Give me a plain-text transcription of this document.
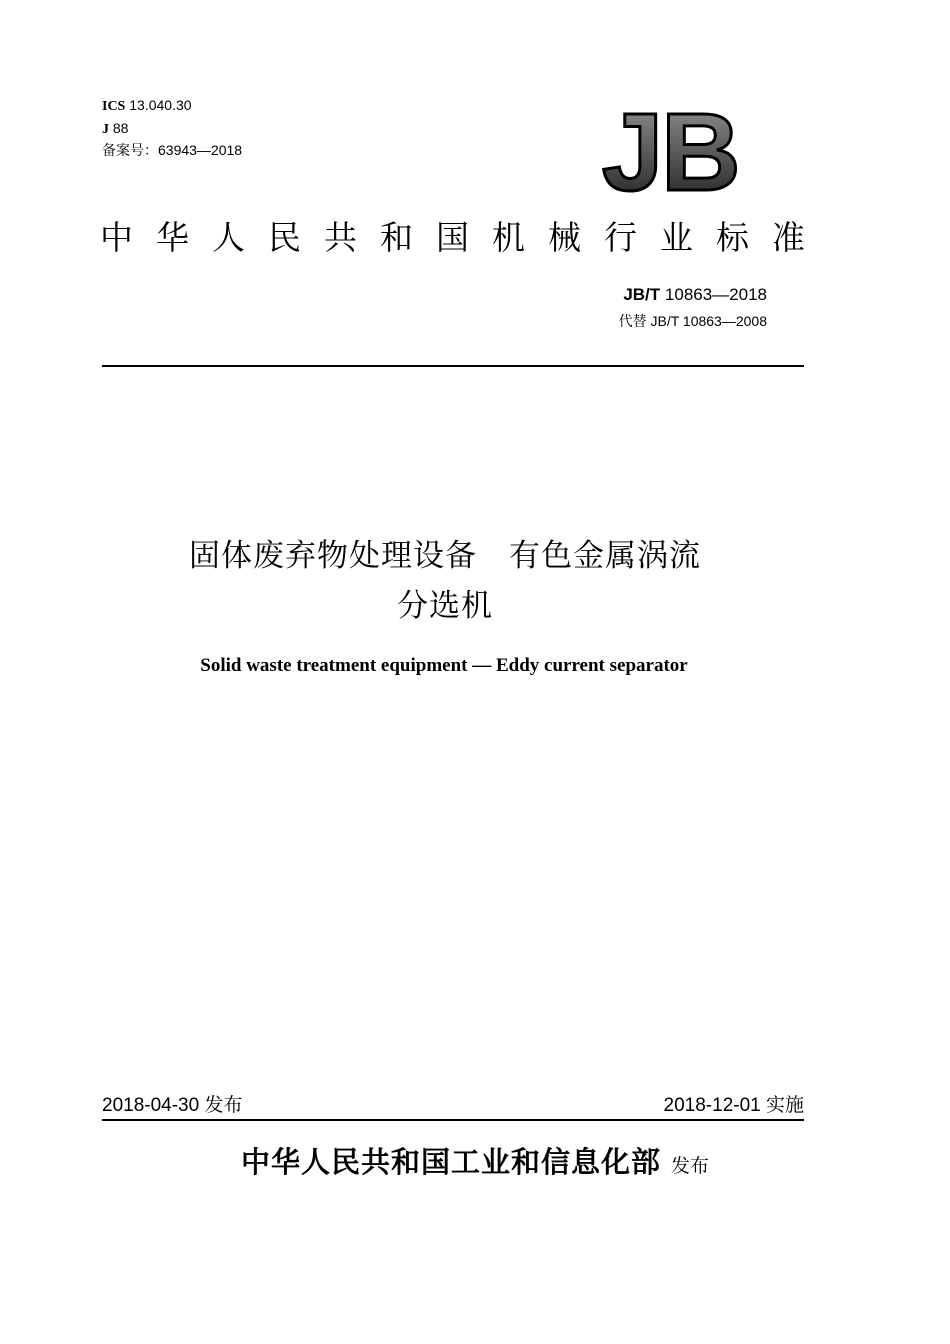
ICS 13.040.30
J 88
备案号：63943—2018	JB
中华人民共和国机械行业标准
JB/T 10863—2018
代替 JB/T 10863—2008
固体废弃物处理设备　有色金属涡流
分选机
Solid waste treatment equipment — Eddy current separator
2018-04-30 发布	2018-12-01 实施
中华人民共和国工业和信息化部 发布
